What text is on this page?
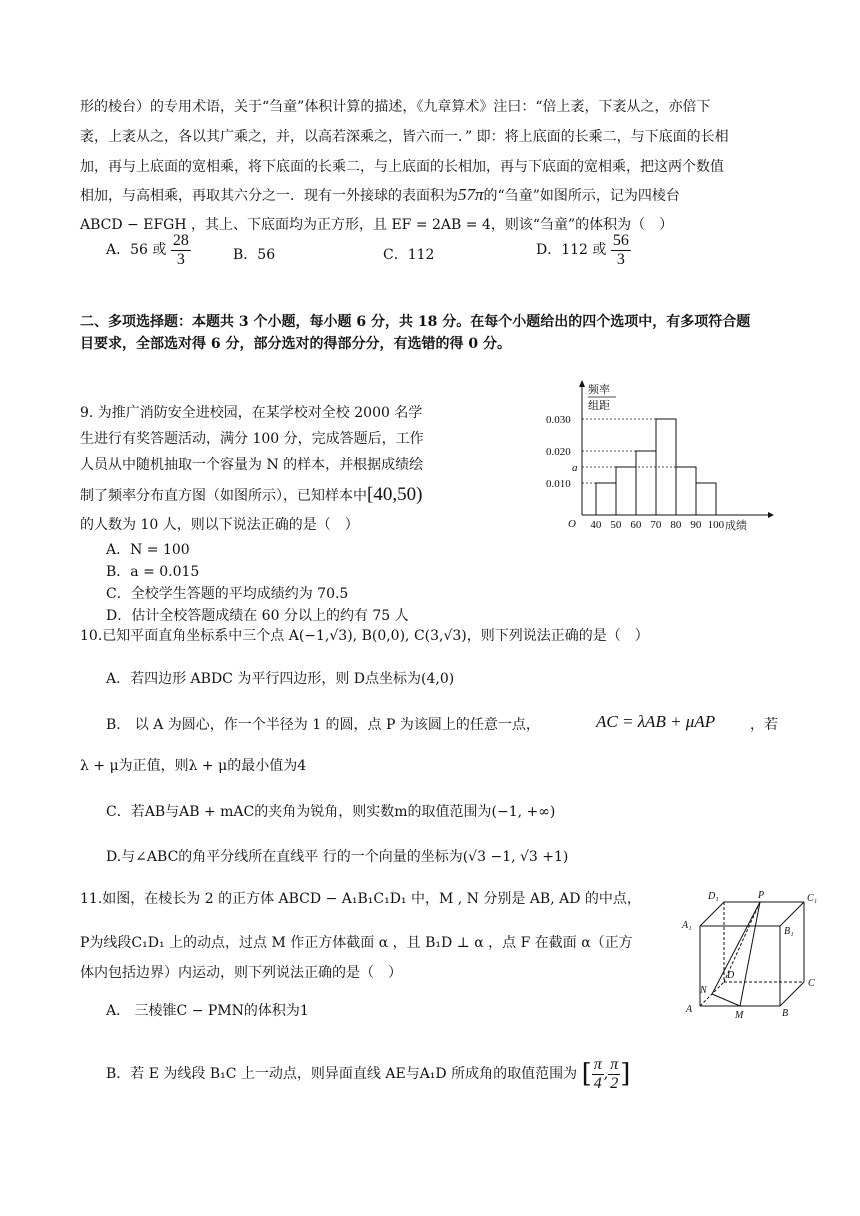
形的棱台）的专用术语，关于“刍童”体积计算的描述，《九章算术》注曰：“倍上袤，下袤从之，亦倍下
袤，上袤从之，各以其广乘之，并，以高若深乘之，皆六而一．” 即：将上底面的长乘二，与下底面的长相
加，再与上底面的宽相乘，将下底面的长乘二，与上底面的长相加，再与下底面的宽相乘，把这两个数值
相加，与高相乘，再取其六分之一．现有一外接球的表面积为57π的“刍童”如图所示，记为四棱台
ABCD − EFGH ，其上、下底面均为正方形，且 EF = 2AB = 4，则该“刍童”的体积为（　）
A．56 或 $\frac{28}{3}$	B．56	C．112	D．112 或 $\frac{56}{3}$
二、多项选择题：本题共 3 个小题，每小题 6 分，共 18 分。在每个小题给出的四个选项中，有多项符合题
目要求，全部选对得 6 分，部分选对的得部分分，有选错的得 0 分。
9. 为推广消防安全进校园，在某学校对全校 2000 名学
生进行有奖答题活动，满分 100 分，完成答题后，工作
人员从中随机抽取一个容量为 N 的样本，并根据成绩绘
制了频率分布直方图（如图所示），已知样本中[40,50)
的人数为 10 人，则以下说法正确的是（　）
A．N = 100
B．a = 0.015
C．全校学生答题的平均成绩约为 70.5
D．估计全校答题成绩在 60 分以上的约有 75 人
频率
组距
0.030
0.020
a
0.010
O 40 50 60 70 80 90 100 成绩
10.已知平面直角坐标系中三个点 A(−1,√3), B(0,0), C(3,√3)，则下列说法正确的是（　）
A．若四边形 ABDC 为平行四边形，则 D点坐标为(4,0)
B． 以 A 为圆心，作一个半径为 1 的圆，点 P 为该圆上的任意一点，	AC = λAB + μAP ，若
λ + μ为正值，则λ + μ的最小值为4
C．若AB与AB + mAC的夹角为锐角，则实数m的取值范围为(−1, +∞)
D.与∠ABC的角平分线所在直线平 行的一个向量的坐标为(√3 −1, √3 +1)
11.如图，在棱长为 2 的正方体 ABCD − A₁B₁C₁D₁ 中，M , N 分别是 AB, AD 的中点，
P为线段C₁D₁ 上的动点，过点 M 作正方体截面 α ，且 B₁D ⊥ α ，点 F 在截面 α（正方
体内包括边界）内运动，则下列说法正确的是（　）
A． 三棱锥C − PMN的体积为1
B．若 E 为线段 B₁C 上一动点，则异面直线 AE与A₁D 所成角的取值范围为 [ $\frac{\pi}{4}$ , $\frac{\pi}{2}$ ]
D₁	P	C₁
A₁
B₁
D
C
N
A
M	B
